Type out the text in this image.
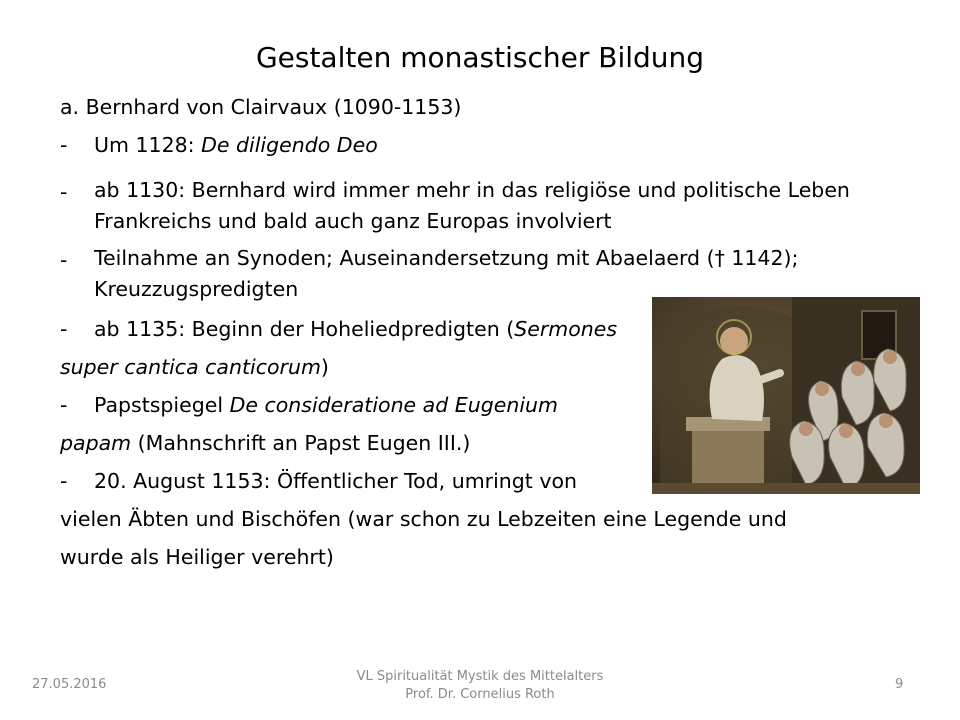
Gestalten monastischer Bildung
a. Bernhard von Clairvaux (1090-1153)
- Um 1128: De diligendo Deo
- ab 1130: Bernhard wird immer mehr in das religiöse und politische Leben Frankreichs und bald auch ganz Europas involviert
- Teilnahme an Synoden; Auseinandersetzung mit Abaelaerd († 1142); Kreuzzugspredigten
- ab 1135: Beginn der Hoheliedpredigten (Sermones
super cantica canticorum)
- Papstspiegel De consideratione ad Eugenium
papam (Mahnschrift an Papst Eugen III.)
- 20. August 1153: Öffentlicher Tod, umringt von
vielen Äbten und Bischöfen (war schon zu Lebzeiten eine Legende und
wurde als Heiliger verehrt)
27.05.2016
VL Spiritualität Mystik des Mittelalters
Prof. Dr. Cornelius Roth
9
